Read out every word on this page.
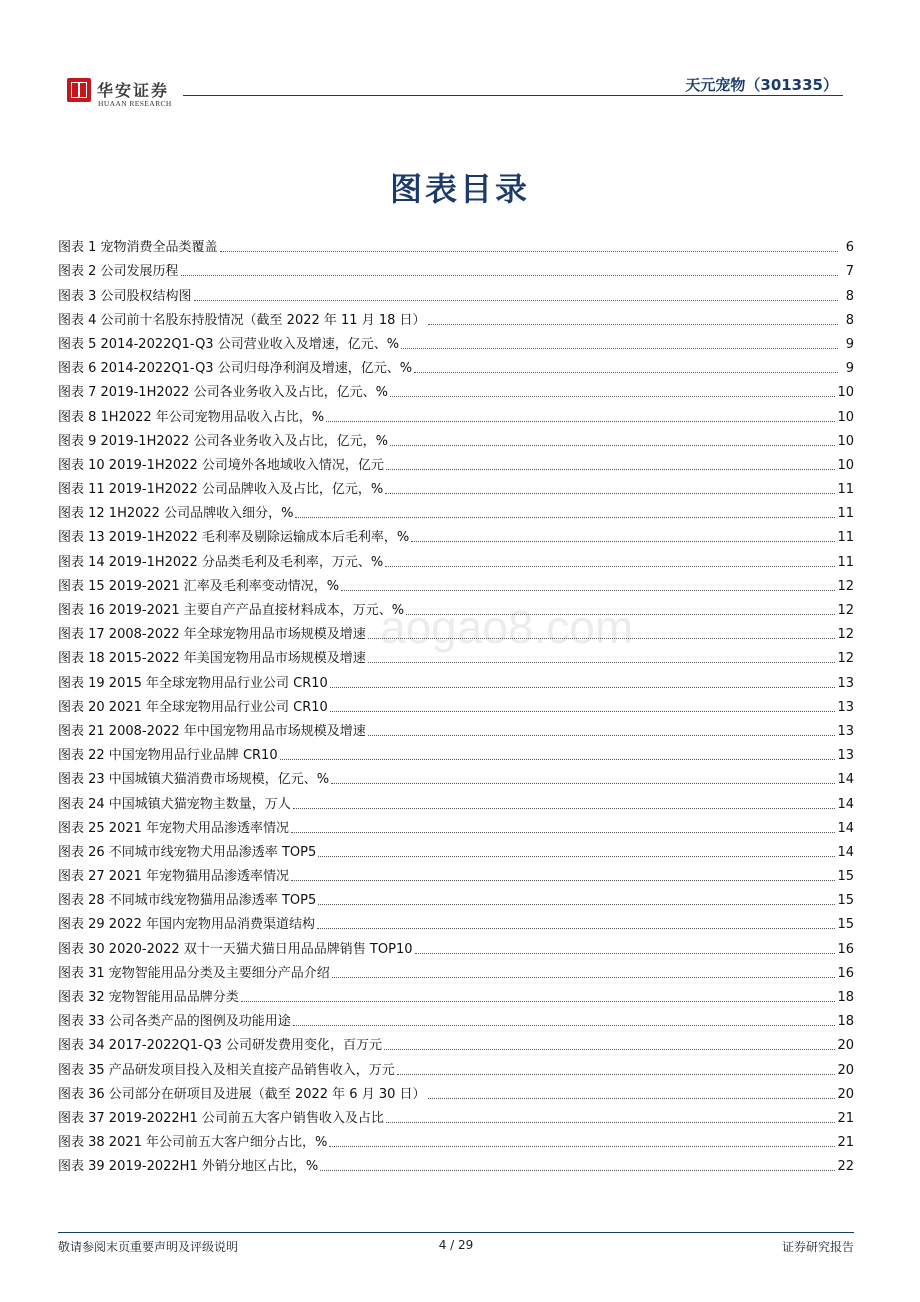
华安证券
HUAAN RESEARCH
天元宠物（301335）
图表目录
aogao8.com
图表 1 宠物消费全品类覆盖	6
图表 2 公司发展历程	7
图表 3 公司股权结构图	8
图表 4 公司前十名股东持股情况（截至 2022 年 11 月 18 日）	8
图表 5 2014-2022Q1-Q3 公司营业收入及增速，亿元、%	9
图表 6 2014-2022Q1-Q3 公司归母净利润及增速，亿元、%	9
图表 7 2019-1H2022 公司各业务收入及占比，亿元、%	10
图表 8 1H2022 年公司宠物用品收入占比，%	10
图表 9 2019-1H2022 公司各业务收入及占比，亿元，%	10
图表 10 2019-1H2022 公司境外各地域收入情况，亿元	10
图表 11 2019-1H2022 公司品牌收入及占比，亿元，%	11
图表 12 1H2022 公司品牌收入细分，%	11
图表 13 2019-1H2022 毛利率及剔除运输成本后毛利率，%	11
图表 14 2019-1H2022 分品类毛利及毛利率，万元、%	11
图表 15 2019-2021 汇率及毛利率变动情况，%	12
图表 16 2019-2021 主要自产产品直接材料成本，万元、%	12
图表 17 2008-2022 年全球宠物用品市场规模及增速	12
图表 18 2015-2022 年美国宠物用品市场规模及增速	12
图表 19 2015 年全球宠物用品行业公司 CR10	13
图表 20 2021 年全球宠物用品行业公司 CR10	13
图表 21 2008-2022 年中国宠物用品市场规模及增速	13
图表 22 中国宠物用品行业品牌 CR10	13
图表 23 中国城镇犬猫消费市场规模，亿元、%	14
图表 24 中国城镇犬猫宠物主数量，万人	14
图表 25 2021 年宠物犬用品渗透率情况	14
图表 26 不同城市线宠物犬用品渗透率 TOP5	14
图表 27 2021 年宠物猫用品渗透率情况	15
图表 28 不同城市线宠物猫用品渗透率 TOP5	15
图表 29 2022 年国内宠物用品消费渠道结构	15
图表 30 2020-2022 双十一天猫犬猫日用品品牌销售 TOP10	16
图表 31 宠物智能用品分类及主要细分产品介绍	16
图表 32 宠物智能用品品牌分类	18
图表 33 公司各类产品的图例及功能用途	18
图表 34 2017-2022Q1-Q3 公司研发费用变化，百万元	20
图表 35 产品研发项目投入及相关直接产品销售收入，万元	20
图表 36 公司部分在研项目及进展（截至 2022 年 6 月 30 日）	20
图表 37 2019-2022H1 公司前五大客户销售收入及占比	21
图表 38 2021 年公司前五大客户细分占比，%	21
图表 39 2019-2022H1 外销分地区占比，%	22
敬请参阅末页重要声明及评级说明	4 / 29	证券研究报告
